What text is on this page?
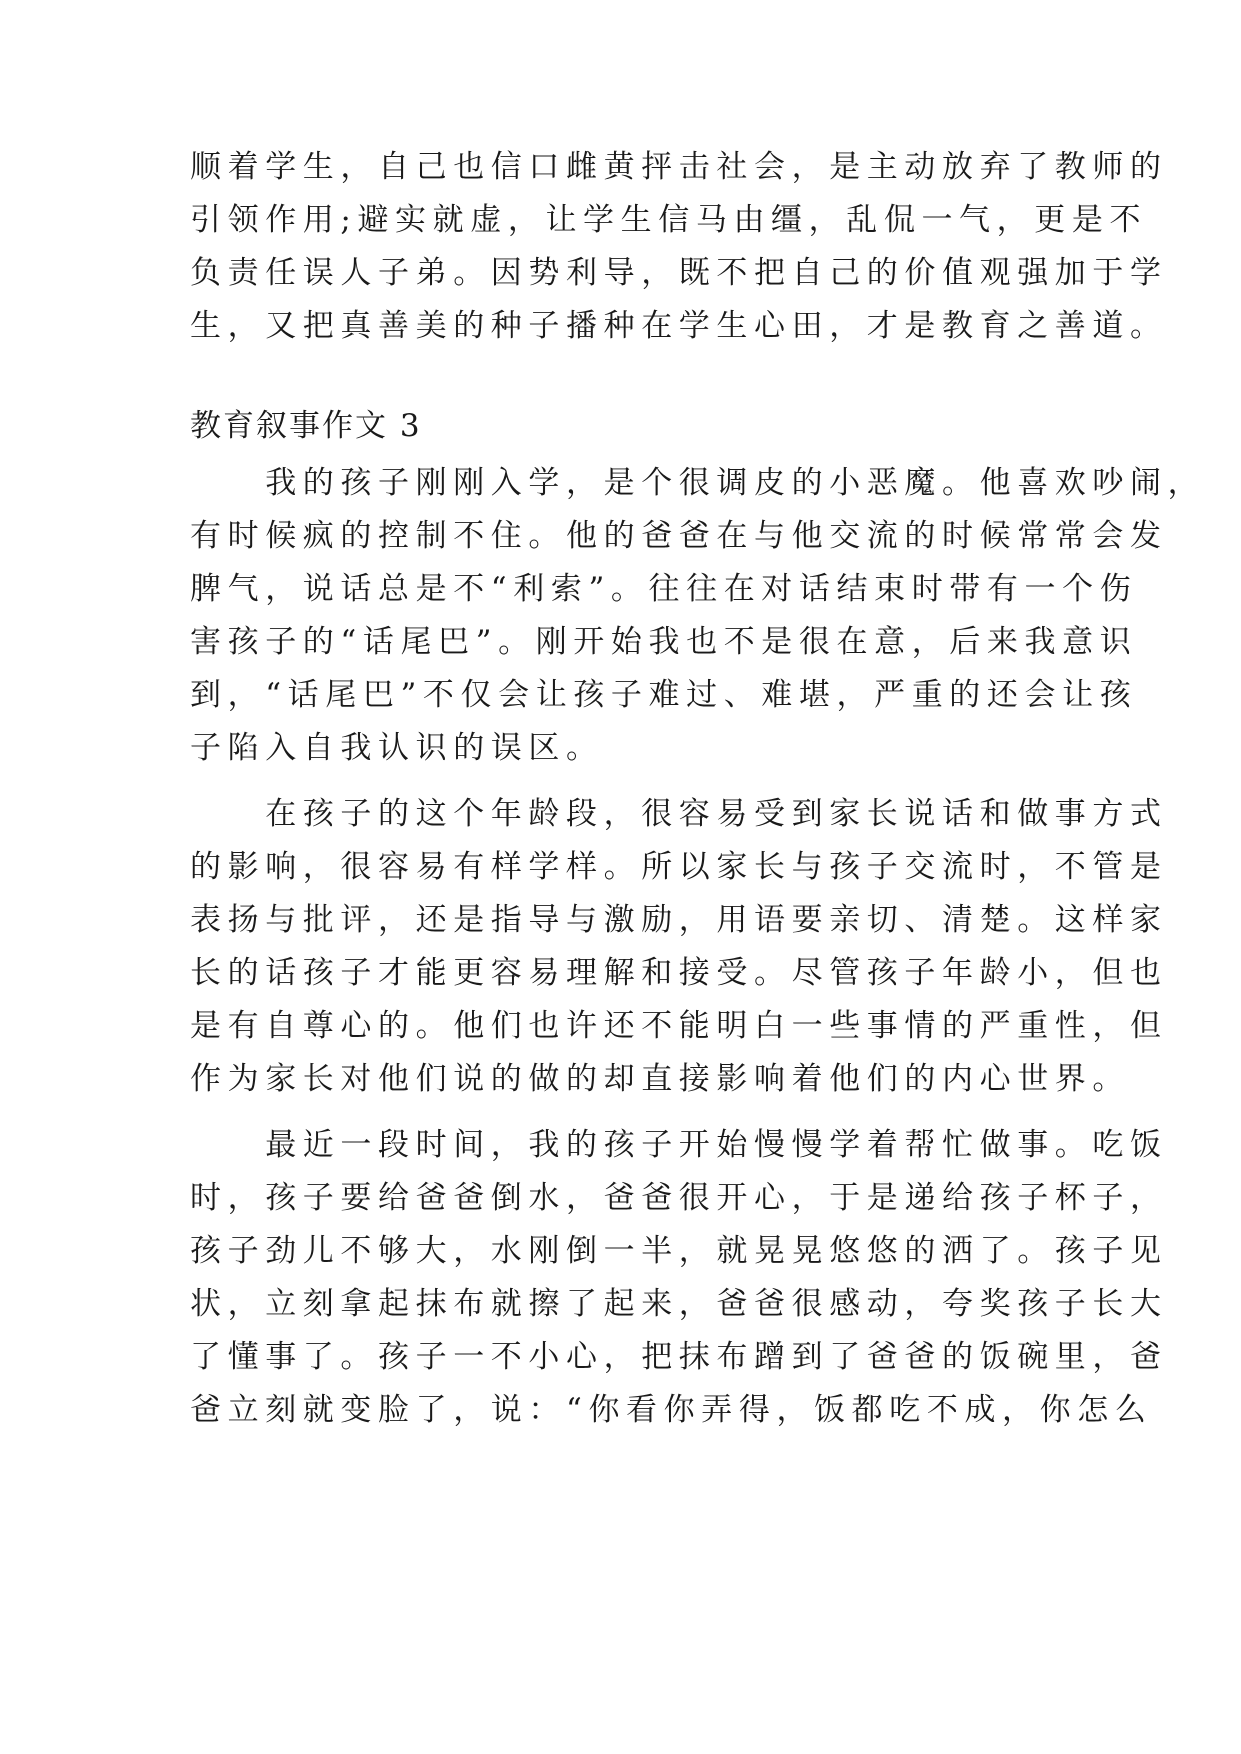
顺着学生，自己也信口雌黄抨击社会，是主动放弃了教师的
引领作用;避实就虚，让学生信马由缰，乱侃一气，更是不
负责任误人子弟。因势利导，既不把自己的价值观强加于学
生，又把真善美的种子播种在学生心田，才是教育之善道。
教育叙事作文 3
　　我的孩子刚刚入学，是个很调皮的小恶魔。他喜欢吵闹，
有时候疯的控制不住。他的爸爸在与他交流的时候常常会发
脾气，说话总是不“利索”。往往在对话结束时带有一个伤
害孩子的“话尾巴”。刚开始我也不是很在意，后来我意识
到，“话尾巴”不仅会让孩子难过、难堪，严重的还会让孩
子陷入自我认识的误区。
　　在孩子的这个年龄段，很容易受到家长说话和做事方式
的影响，很容易有样学样。所以家长与孩子交流时，不管是
表扬与批评，还是指导与激励，用语要亲切、清楚。这样家
长的话孩子才能更容易理解和接受。尽管孩子年龄小，但也
是有自尊心的。他们也许还不能明白一些事情的严重性，但
作为家长对他们说的做的却直接影响着他们的内心世界。
　　最近一段时间，我的孩子开始慢慢学着帮忙做事。吃饭
时，孩子要给爸爸倒水，爸爸很开心，于是递给孩子杯子，
孩子劲儿不够大，水刚倒一半，就晃晃悠悠的洒了。孩子见
状，立刻拿起抹布就擦了起来，爸爸很感动，夸奖孩子长大
了懂事了。孩子一不小心，把抹布蹭到了爸爸的饭碗里，爸
爸立刻就变脸了，说：“你看你弄得，饭都吃不成，你怎么
